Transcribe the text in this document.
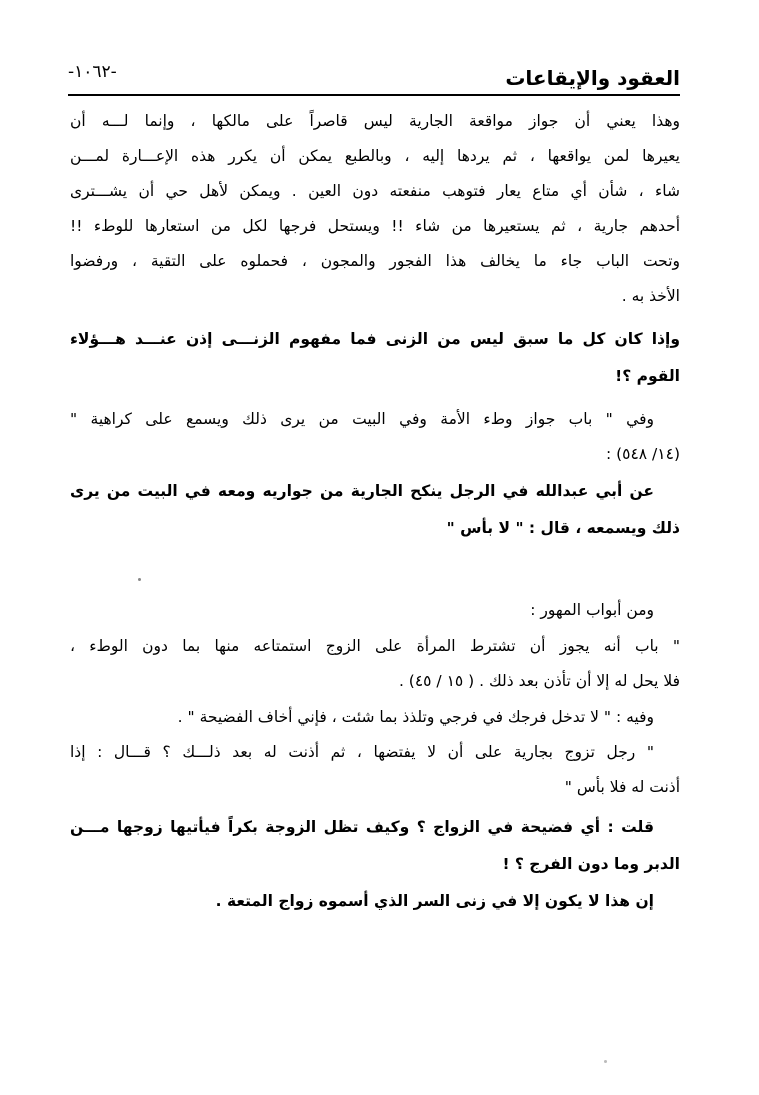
العقود والإيقاعات
-١٠٦٢-
وهذا يعني أن جواز مواقعة الجارية ليس قاصراً على مالكها ، وإنما لـــه أن
يعيرها لمن يواقعها ، ثم يردها إليه ، وبالطبع يمكن أن يكرر هذه الإعـــارة لمـــن
شاء ، شأن أي متاع يعار فتوهب منفعته دون العين . ويمكن لأهل حي أن يشـــترى
أحدهم جارية ، ثم يستعيرها من شاء !! ويستحل فرجها لكل من استعارها للوطء !!
وتحت الباب جاء ما يخالف هذا الفجور والمجون ، فحملوه على التقية ، ورفضوا
الأخذ به .
وإذا كان كل ما سبق ليس من الزنى فما مفهوم الزنـــى إذن عنـــد هـــؤلاء
القوم ؟!
وفي " باب جواز وطء الأمة وفي البيت من يرى ذلك ويسمع على كراهية "
: (١٤/ ٥٤٨)
عن أبي عبدالله في الرجل ينكح الجارية من جواريه ومعه في البيت من يرى
ذلك ويسمعه ، قال : " لا بأس "
ومن أبواب المهور :
" باب أنه يجوز أن تشترط المرأة على الزوج استمتاعه منها بما دون الوطء ،
فلا يحل له إلا أن تأذن بعد ذلك . ( ١٥ / ٤٥) .
وفيه : " لا تدخل فرجك في فرجي وتلذذ بما شئت ، فإني أخاف الفضيحة " .
" رجل تزوج بجارية على أن لا يفتضها ، ثم أذنت له بعد ذلـــك ؟ قـــال : إذا
أذنت له فلا بأس "
قلت : أي فضيحة في الزواج ؟ وكيف تظل الزوجة بكراً فيأتيها زوجها مـــن
الدبر وما دون الفرج ؟ !
إن هذا لا يكون إلا في زنى السر الذي أسموه زواج المتعة .
